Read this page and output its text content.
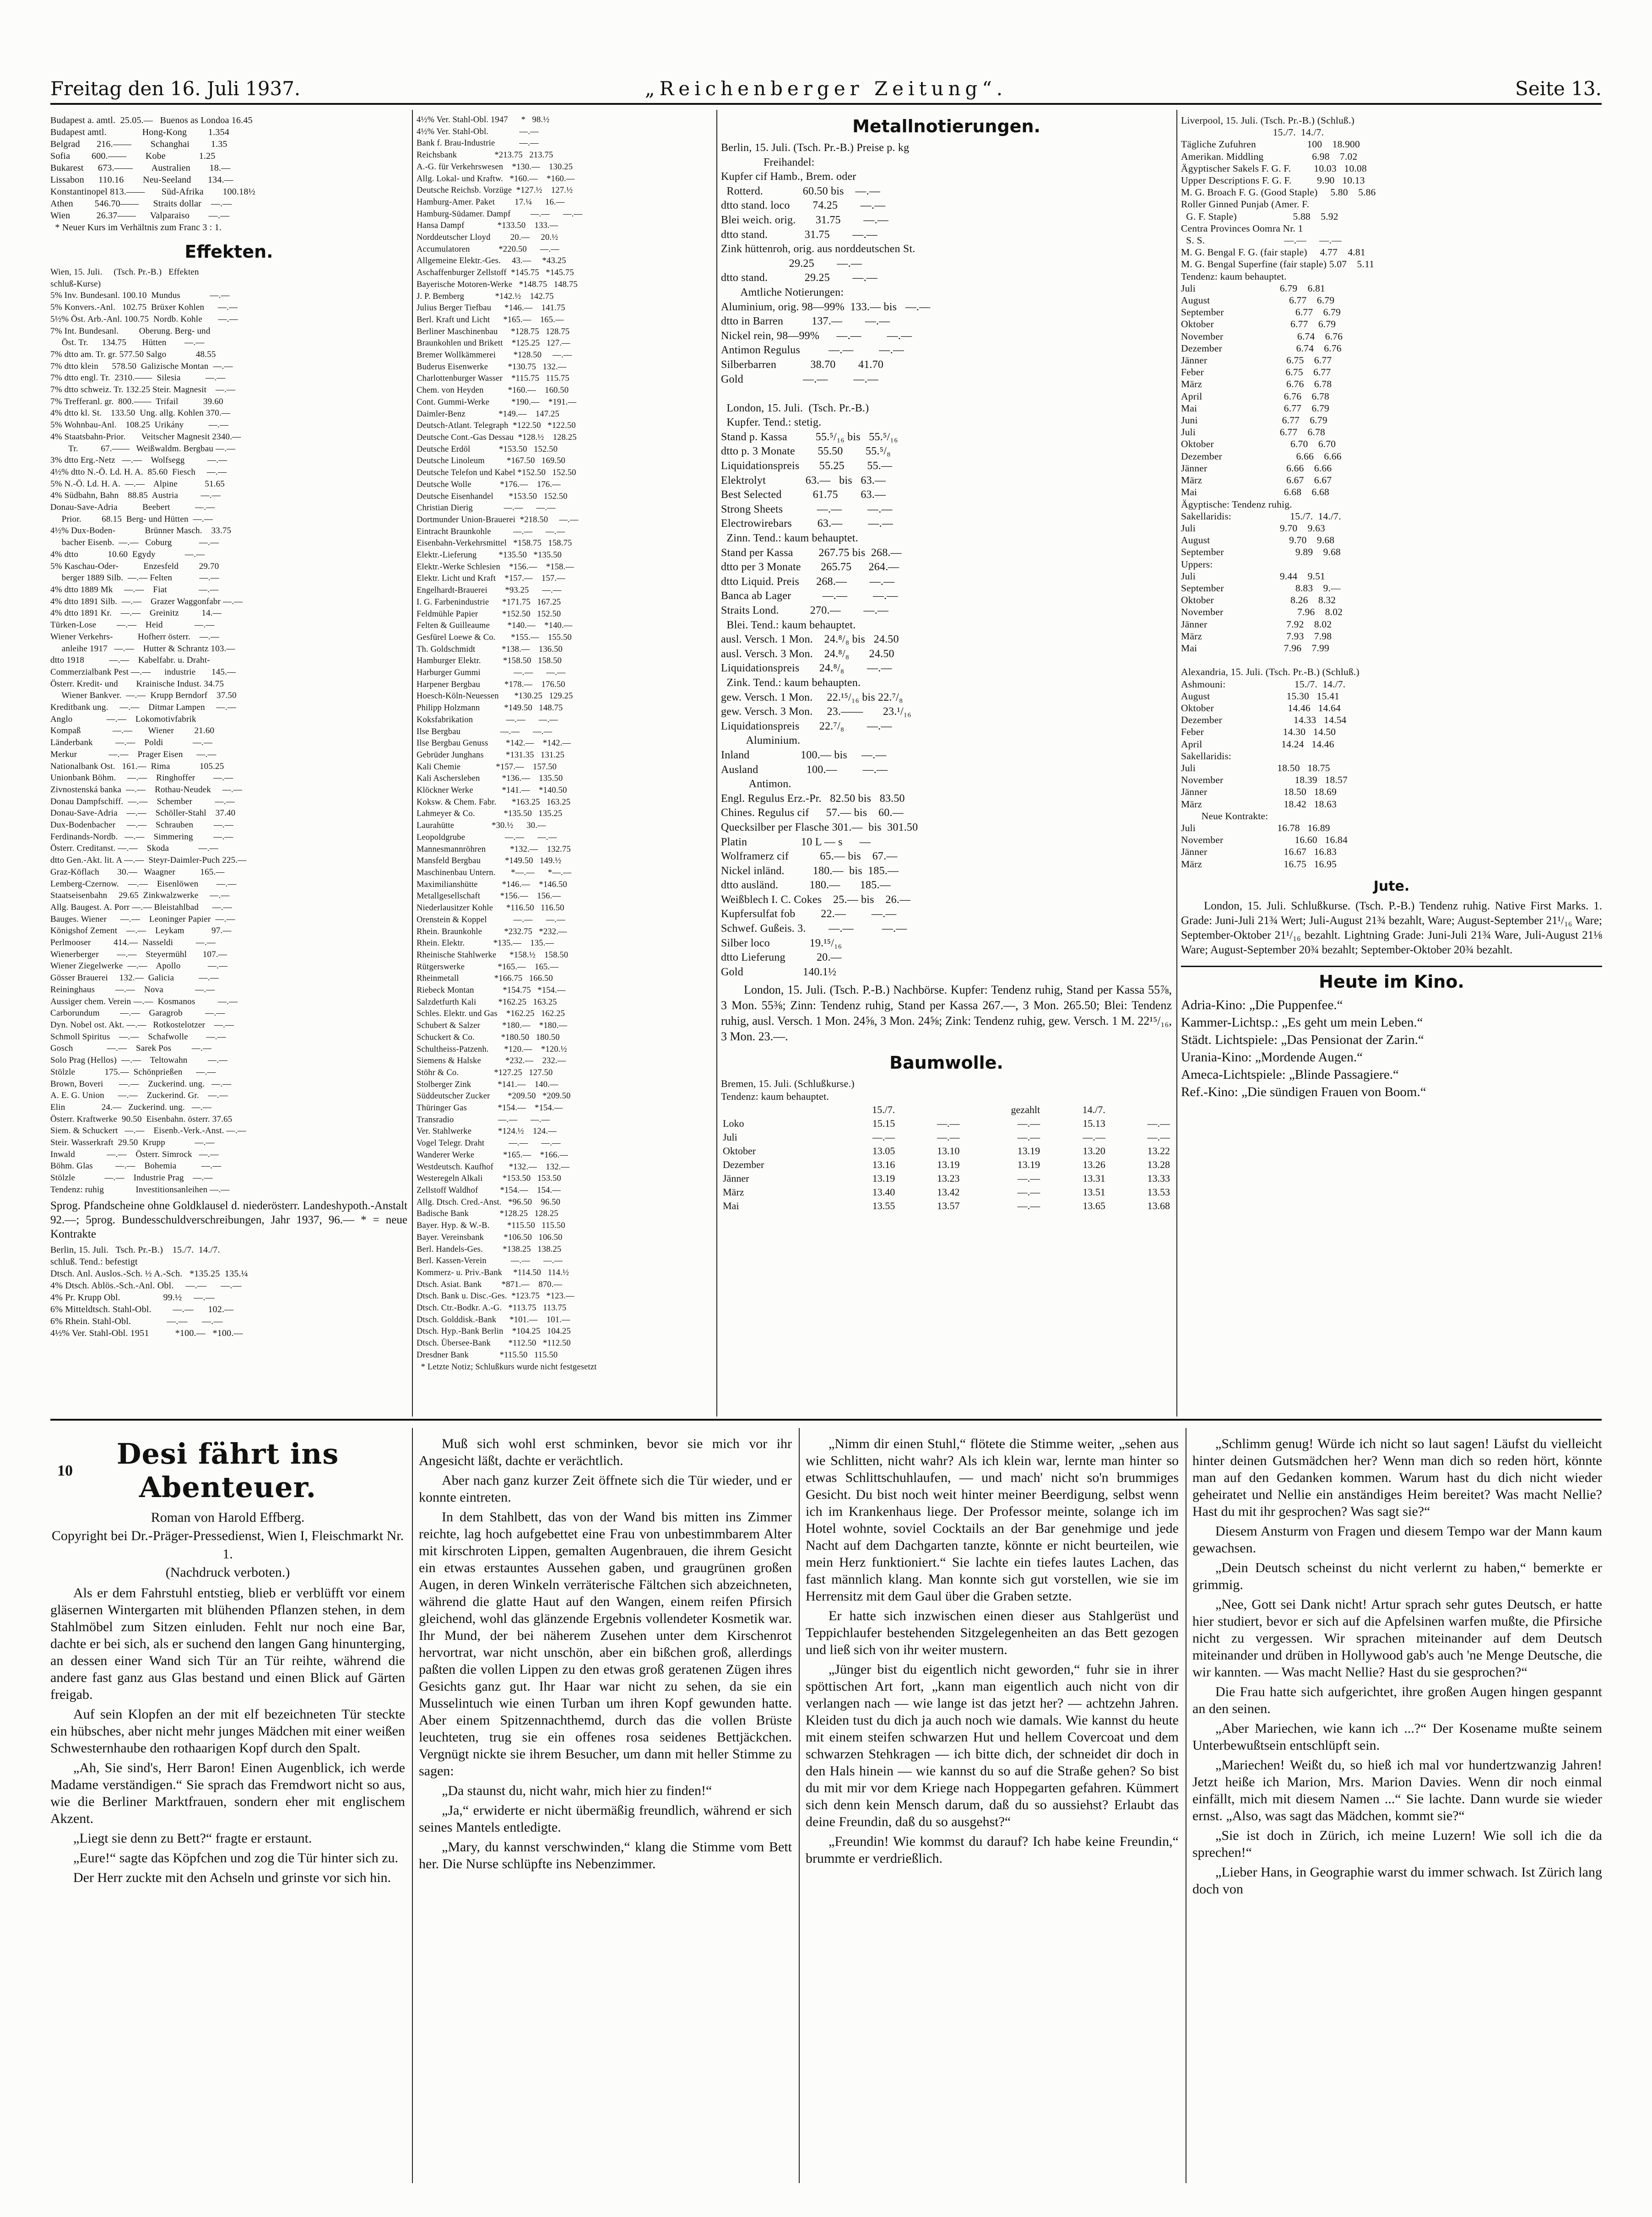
Freitag den 16. Juli 1937.	„Reichenberger Zeitung“.	Seite 13.
Budapest a. amtl.  25.05.—   Buenos as Londoa 16.45
Budapest amtl.               Hong-Kong         1.354
Belgrad       216.——        Schanghai         1.35
Sofia         600.——        Kobe              1.25
Bukarest      673.——        Australien        18.—
Lissabon      110.16        Neu-Seeland       134.—
Konstantinopel 813.——       Süd-Afrika        100.18½
Athen         546.70——      Straits dollar    —.—
Wien           26.37——      Valparaiso        —.—
* Neuer Kurs im Verhältnis zum Franc 3 : 1.
Effekten.
Wien, 15. Juli.     (Tsch. Pr.-B.)   Effekten
schluß-Kurse)
5% Inv. Bundesanl. 100.10  Mundus             —.—
5% Konvers.-Anl.   102.75  Brüxer Kohlen      —.—
5½% Öst. Arb.-Anl. 100.75  Nordb. Kohle       —.—
7% Int. Bundesanl.         Oberung. Berg- und
Öst. Tr.      134.75       Hütten        —.—
7% dtto am. Tr. gr. 577.50 Salgo             48.55
7% dtto klein      578.50  Galizische Montan  —.—
7% dtto engl. Tr.  2310.——  Silesia           —.—
7% dtto schweiz. Tr. 132.25 Steir. Magnesit    —.—
7% Trefferanl. gr.  800.——  Trifail           39.60
4% dtto kl. St.    133.50  Ung. allg. Kohlen 370.—
5% Wohnbau-Anl.    108.25  Urikány           —.—
4% Staatsbahn-Prior.       Veitscher Magnesit 2340.—
Tr.          67.——   Weißwaldm. Bergbau —.—
3% dtto Erg.-Netz   —.—    Wolfsegg          —.—
4½% dtto N.-Ö. Ld. H. A.  85.60  Fiesch     —.—
5% N.-Ö. Ld. H. A.  —.—    Alpine            51.65
4% Südbahn, Bahn    88.85  Austria          —.—
Donau-Save-Adria           Beebert           —.—
Prior.         68.15  Berg- und Hütten  —.—
4½% Dux-Boden-             Brünner Masch.    33.75
bacher Eisenb.  —.—   Coburg            —.—
4% dtto             10.60  Egydy             —.—
5% Kaschau-Oder-           Enzesfeld         29.70
berger 1889 Silb.  —.— Felten            —.—
4% dtto 1889 Mk     —.—    Fiat              —.—
4% dtto 1891 Silb.  —.—    Grazer Waggonfabr —.—
4% dtto 1891 Kr.    —.—    Greinitz          14.—
Türken-Lose         —.—    Heid              —.—
Wiener Verkehrs-           Hofherr österr.    —.—
anleihe 1917   —.—    Hutter & Schrantz 103.—
dtto 1918           —.—    Kabelfabr. u. Draht-
Commerzialbank Pest —.—      industrie       145.—
Österr. Kredit- und        Krainische Indust. 34.75
Wiener Bankver.  —.—  Krupp Berndorf    37.50
Kreditbank ung.     —.—    Ditmar Lampen     —.—
Anglo               —.—    Lokomotivfabrik
Kompaß              —.—       Wiener         21.60
Länderbank          —.—    Poldi             —.—
Merkur              —.—    Prager Eisen      —.—
Nationalbank Ost.   161.—  Rima             105.25
Unionbank Böhm.     —.—    Ringhoffer        —.—
Zivnostenská banka  —.—    Rothau-Neudek     —.—
Donau Dampfschiff.  —.—    Schember          —.—
Donau-Save-Adria    —.—    Schöller-Stahl    37.40
Dux-Bodenbacher     —.—    Schrauben         —.—
Ferdinands-Nordb.   —.—    Simmering         —.—
Österr. Creditanst. —.—    Skoda             —.—
dtto Gen.-Akt. lit. A —.—  Steyr-Daimler-Puch 225.—
Graz-Köflach        30.—   Waagner           165.—
Lemberg-Czernow.    —.—    Eisenlöwen        —.—
Staatseisenbahn     29.65  Zinkwalzwerke     —.—
Allg. Baugest. A. Porr —.— Bleistahlbad      —.—
Bauges. Wiener      —.—    Leoninger Papier  —.—
Königshof Zement    —.—    Leykam            97.—
Perlmooser          414.—  Nasseldi          —.—
Wienerberger        —.—    Steyermühl       107.—
Wiener Ziegelwerke  —.—    Apollo            —.—
Gösser Brauerei     132.—  Galicia           —.—
Reininghaus         —.—    Nova              —.—
Aussiger chem. Verein —.—  Kosmanos          —.—
Carborundum         —.—    Garagrob          —.—
Dyn. Nobel ost. Akt. —.—   Rotkostelotzer    —.—
Schmoll Spiritus    —.—    Schafwolle        —.—
Gosch               —.—    Sarek Pos         —.—
Solo Prag (Hellos)  —.—    Teltowahn         —.—
Stölzle             175.—  Schönprießen      —.—
Brown, Boveri       —.—    Zuckerind. ung.   —.—
A. E. G. Union      —.—    Zuckerind. Gr.    —.—
Elin                24.—   Zuckerind. ung.   —.—
Österr. Kraftwerke  90.50  Eisenbahn. österr. 37.65
Siem. & Schuckert   —.—    Eisenb.-Verk.-Anst. —.—
Steir. Wasserkraft  29.50  Krupp             —.—
Inwald              —.—    Österr. Simrock   —.—
Böhm. Glas          —.—    Bohemia           —.—
Stölzle             —.—    Industrie Prag    —.—
Tendenz: ruhig              Investitionsanleihen —.—
Sprog. Pfandscheine ohne Goldklausel d. niederösterr. Landeshypoth.-Anstalt 92.—; 5prog. Bundesschuldverschreibungen, Jahr 1937, 96.— * = neue Kontrakte
Berlin, 15. Juli.   Tsch. Pr.-B.)    15./7.  14./7.
schluß. Tend.: befestigt
Dtsch. Anl. Auslos.-Sch. ½ A.-Sch.   *135.25  135.¼
4% Dtsch. Ablös.-Sch.-Anl. Obl.     —.—      —.—
4% Pr. Krupp Obl.                  99.½     —.—
6% Mitteldtsch. Stahl-Obl.         —.—      102.—
6% Rhein. Stahl-Obl.               —.—      —.—
4½% Ver. Stahl-Obl. 1951           *100.—   *100.—
4½% Ver. Stahl-Obl. 1947      *   98.½
4½% Ver. Stahl-Obl.              —.—
Bank f. Brau-Industrie           —.—
Reichsbank                 *213.75   213.75
A.-G. für Verkehrswesen    *130.—    130.25
Allg. Lokal- und Kraftw.   *160.—    *160.—
Deutsche Reichsb. Vorzüge  *127.½    127.½
Hamburg-Amer. Paket         17.¼      16.—
Hamburg-Südamer. Dampf         —.—      —.—
Hansa Dampf               *133.50    133.—
Norddeutscher Lloyd         20.—     20.½
Accumulatoren             *220.50      —.—
Allgemeine Elektr.-Ges.     43.—     *43.25
Aschaffenburger Zellstoff  *145.75   *145.75
Bayerische Motoren-Werke   *148.75   148.75
J. P. Bemberg              *142.½    142.75
Julius Berger Tiefbau      *146.—    141.75
Berl. Kraft und Licht      *165.—    165.—
Berliner Maschinenbau      *128.75   128.75
Braunkohlen und Brikett    *125.25   127.—
Bremer Wollkämmerei        *128.50     —.—
Buderus Eisenwerke         *130.75   132.—
Charlottenburger Wasser    *115.75   115.75
Chem. von Heyden           *160.—    160.50
Cont. Gummi-Werke          *190.—    *191.—
Daimler-Benz               *149.—    147.25
Deutsch-Atlant. Telegraph  *122.50   *122.50
Deutsche Cont.-Gas Dessau  *128.½    128.25
Deutsche Erdöl             *153.50   152.50
Deutsche Linoleum          *167.50   169.50
Deutsche Telefon und Kabel *152.50   152.50
Deutsche Wolle             *176.—    176.—
Deutsche Eisenhandel       *153.50   152.50
Christian Dierig              —.—      —.—
Dortmunder Union-Brauerei  *218.50     —.—
Eintracht Braunkohle          —.—      —.—
Eisenbahn-Verkehrsmittel   *158.75   158.75
Elektr.-Lieferung          *135.50   *135.50
Elektr.-Werke Schlesien    *156.—    *158.—
Elektr. Licht und Kraft    *157.—    157.—
Engelhardt-Brauerei        *93.25      —.—
I. G. Farbenindustrie      *171.75   167.25
Feldmühle Papier           *152.50   152.50
Felten & Guilleaume        *140.—    *140.—
Gesfürel Loewe & Co.       *155.—    155.50
Th. Goldschmidt            *138.—    136.50
Hamburger Elektr.          *158.50   158.50
Harburger Gummi               —.—      —.—
Harpener Bergbau           *178.—    176.50
Hoesch-Köln-Neuessen       *130.25   129.25
Philipp Holzmann           *149.50   148.75
Koksfabrikation               —.—      —.—
Ilse Bergbau                  —.—      —.—
Ilse Bergbau Genuss        *142.—    *142.—
Gebrüder Junghans          *131.35   131.25
Kali Chemie                *157.—    157.50
Kali Aschersleben          *136.—    135.50
Klöckner Werke             *141.—    *140.50
Koksw. & Chem. Fabr.       *163.25   163.25
Lahmeyer & Co.             *135.50   135.25
Laurahütte                 *30.½      30.—
Leopoldgrube                  —.—      —.—
Mannesmannröhren           *132.—    132.75
Mansfeld Bergbau           *149.50   149.½
Maschinenbau Untern.       *—.—      *—.—
Maximilianshütte           *146.—    *146.50
Metallgesellschaft         *156.—    156.—
Niederlausitzer Kohle      *116.50   116.50
Orenstein & Koppel            —.—      —.—
Rhein. Braunkohle          *232.75   *232.—
Rhein. Elektr.             *135.—    135.—
Rheinische Stahlwerke      *158.½    158.50
Rütgerswerke               *165.—    165.—
Rheinmetall                *166.75   166.50
Riebeck Montan             *154.75   *154.—
Salzdetfurth Kali          *162.25   163.25
Schles. Elektr. und Gas    *162.25   162.25
Schubert & Salzer          *180.—    *180.—
Schuckert & Co.            *180.50   180.50
Schultheiss-Patzenh.       *120.—    *120.½
Siemens & Halske           *232.—    232.—
Stöhr & Co.                *127.25   127.50
Stolberger Zink            *141.—    140.—
Süddeutscher Zucker        *209.50   *209.50
Thüringer Gas              *154.—    *154.—
Transradio                    —.—      —.—
Ver. Stahlwerke            *124.½    124.—
Vogel Telegr. Draht           —.—      —.—
Wanderer Werke             *165.—    *166.—
Westdeutsch. Kaufhof       *132.—    132.—
Westeregeln Alkali         *153.50   153.50
Zellstoff Waldhof          *154.—    154.—
Allg. Dtsch. Cred.-Anst.   *96.50    96.50
Badische Bank              *128.25   128.25
Bayer. Hyp. & W.-B.        *115.50   115.50
Bayer. Vereinsbank         *106.50   106.50
Berl. Handels-Ges.         *138.25   138.25
Berl. Kassen-Verein           —.—      —.—
Kommerz- u. Priv.-Bank     *114.50   114.½
Dtsch. Asiat. Bank         *871.—    870.—
Dtsch. Bank u. Disc.-Ges.  *123.75   *123.—
Dtsch. Ctr.-Bodkr. A.-G.   *113.75   113.75
Dtsch. Golddisk.-Bank      *101.—    101.—
Dtsch. Hyp.-Bank Berlin    *104.25   104.25
Dtsch. Übersee-Bank        *112.50   *112.50
Dresdner Bank              *115.50   115.50
* Letzte Notiz; Schlußkurs wurde nicht festgesetzt
Metallnotierungen.
Berlin, 15. Juli. (Tsch. Pr.-B.) Preise p. kg
Freihandel:
Kupfer cif Hamb., Brem. oder
Rotterd.              60.50 bis    —.—
dtto stand. loco        74.25        —.—
Blei weich. orig.       31.75        —.—
dtto stand.             31.75        —.—
Zink hüttenroh, orig. aus norddeutschen St.
29.25        —.—
dtto stand.             29.25        —.—
Amtliche Notierungen:
Aluminium, orig. 98—99%  133.— bis   —.—
dtto in Barren          137.—        —.—
Nickel rein, 98—99%      —.—         —.—
Antimon Regulus          —.—         —.—
Silberbarren            38.70        41.70
Gold                     —.—         —.—

London, 15. Juli.  (Tsch. Pr.-B.)
Kupfer. Tend.: stetig.
Stand p. Kassa          55.⁵/₁₆ bis   55.⁵/₁₆
dtto p. 3 Monate        55.50        55.⁵/₈
Liquidationspreis       55.25        55.—
Elektrolyt              63.—   bis   63.—
Best Selected           61.75        63.—
Strong Sheets            —.—         —.—
Electrowirebars         63.—         —.—
Zinn. Tend.: kaum behauptet.
Stand per Kassa         267.75 bis  268.—
dtto per 3 Monate       265.75      264.—
dtto Liquid. Preis      268.—        —.—
Banca ab Lager           —.—         —.—
Straits Lond.           270.—        —.—
Blei. Tend.: kaum behauptet.
ausl. Versch. 1 Mon.    24.⁸/₈ bis   24.50
ausl. Versch. 3 Mon.    24.⁸/₈       24.50
Liquidationspreis       24.⁸/₈        —.—
Zink. Tend.: kaum behaupten.
gew. Versch. 1 Mon.     22.¹⁵/₁₆ bis 22.⁷/₈
gew. Versch. 3 Mon.     23.——       23.¹/₁₆
Liquidationspreis       22.⁷/₈        —.—
Aluminium.
Inland                  100.— bis     —.—
Ausland                 100.—         —.—
Antimon.
Engl. Regulus Erz.-Pr.   82.50 bis   83.50
Chines. Regulus cif      57.— bis    60.—
Quecksilber per Flasche 301.—  bis  301.50
Platin                   10 L — s      —
Wolframerz cif           65.— bis    67.—
Nickel inländ.          180.—  bis  185.—
dtto ausländ.           180.—       185.—
Weißblech I. C. Cokes    25.— bis    26.—
Kupfersulfat fob         22.—         —.—
Schwef. Gußeis. 3.        —.—          —.—
Silber loco              19.¹⁵/₁₆
dtto Lieferung           20.—
Gold                     140.1½
London, 15. Juli. (Tsch. P.-B.) Nachbörse. Kupfer: Tendenz ruhig, Stand per Kassa 55⅞, 3 Mon. 55⅜; Zinn: Tendenz ruhig, Stand per Kassa 267.—, 3 Mon. 265.50; Blei: Tendenz ruhig, ausl. Versch. 1 Mon. 24⅝, 3 Mon. 24⅝; Zink: Tendenz ruhig, gew. Versch. 1 M. 22¹⁵/₁₆, 3 Mon. 23.—.
Baumwolle.
Bremen, 15. Juli. (Schlußkurse.)
Tendenz: kaum behauptet.
	15./7.		gezahlt	14./7.	
Loko	15.15	—.—	—.—	15.13	—.—
Juli	—.—	—.—	—.—	—.—	—.—
Oktober	13.05	13.10	13.19	13.20	13.22
Dezember	13.16	13.19	13.19	13.26	13.28
Jänner	13.19	13.23	—.—	13.31	13.33
März	13.40	13.42	—.—	13.51	13.53
Mai	13.55	13.57	—.—	13.65	13.68
Liverpool, 15. Juli. (Tsch. Pr.-B.) (Schluß.)
15./7.  14./7.
Tägliche Zufuhren                    100    18.900
Amerikan. Middling                   6.98    7.02
Ägyptischer Sakels F. G. F.         10.03   10.08
Upper Descriptions F. G. F.          9.90   10.13
M. G. Broach F. G. (Good Staple)     5.80    5.86
Roller Ginned Punjab (Amer. F.
G. F. Staple)                      5.88    5.92
Centra Provinces Oomra Nr. 1
S. S.                               —.—     —.—
M. G. Bengal F. G. (fair staple)     4.77    4.81
M. G. Bengal Superfine (fair staple) 5.07    5.11
Tendenz: kaum behauptet.
Juli                                 6.79    6.81
August                               6.77    6.79
September                            6.77    6.79
Oktober                              6.77    6.79
November                             6.74    6.76
Dezember                             6.74    6.76
Jänner                               6.75    6.77
Feber                                6.75    6.77
März                                 6.76    6.78
April                                6.76    6.78
Mai                                  6.77    6.79
Juni                                 6.77    6.79
Juli                                 6.77    6.78
Oktober                              6.70    6.70
Dezember                             6.66    6.66
Jänner                               6.66    6.66
März                                 6.67    6.67
Mai                                  6.68    6.68
Ägyptische: Tendenz ruhig.
Sakellaridis:                       15./7.  14./7.
Juli                                 9.70    9.63
August                               9.70    9.68
September                            9.89    9.68
Uppers:
Juli                                 9.44    9.51
September                            8.83    9.—
Oktober                              8.26    8.32
November                             7.96    8.02
Jänner                               7.92    8.02
März                                 7.93    7.98
Mai                                  7.96    7.99

Alexandria, 15. Juli. (Tsch. Pr.-B.) (Schluß.)
Ashmouni:                           15./7.  14./7.
August                              15.30   15.41
Oktober                             14.46   14.64
Dezember                            14.33   14.54
Feber                               14.30   14.50
April                               14.24   14.46
Sakellaridis:
Juli                                18.50   18.75
November                            18.39   18.57
Jänner                              18.50   18.69
März                                18.42   18.63
Neue Kontrakte:
Juli                                16.78   16.89
November                            16.60   16.84
Jänner                              16.67   16.83
März                                16.75   16.95
Jute.
London, 15. Juli. Schlußkurse. (Tsch. P.-B.) Tendenz ruhig. Native First Marks. 1. Grade: Juni-Juli 21¾ Wert; Juli-August 21¾ bezahlt, Ware; August-September 21¹/₁₆ Ware; September-Oktober 21¹/₁₆ bezahlt. Lightning Grade: Juni-Juli 21¾ Ware, Juli-August 21⅛ Ware; August-September 20¾ bezahlt; September-Oktober 20¾ bezahlt.
Heute im Kino.
Adria-Kino: „Die Puppenfee.“
Kammer-Lichtsp.: „Es geht um mein Leben.“
Städt. Lichtspiele: „Das Pensionat der Zarin.“
Urania-Kino: „Mordende Augen.“
Ameca-Lichtspiele: „Blinde Passagiere.“
Ref.-Kino: „Die sündigen Frauen von Boom.“
10
Desi fährt ins Abenteuer.
Roman von Harold Effberg.
Copyright bei Dr.-Präger-Pressedienst, Wien I, Fleischmarkt Nr. 1.
(Nachdruck verboten.)
Als er dem Fahrstuhl entstieg, blieb er verblüfft vor einem gläsernen Wintergarten mit blühenden Pflanzen stehen, in dem Stahlmöbel zum Sitzen einluden. Fehlt nur noch eine Bar, dachte er bei sich, als er suchend den langen Gang hinunterging, an dessen einer Wand sich Tür an Tür reihte, während die andere fast ganz aus Glas bestand und einen Blick auf Gärten freigab.
Auf sein Klopfen an der mit elf bezeichneten Tür steckte ein hübsches, aber nicht mehr junges Mädchen mit einer weißen Schwesternhaube den rothaarigen Kopf durch den Spalt.
„Ah, Sie sind's, Herr Baron! Einen Augenblick, ich werde Madame verständigen.“ Sie sprach das Fremdwort nicht so aus, wie die Berliner Marktfrauen, sondern eher mit englischem Akzent.
„Liegt sie denn zu Bett?“ fragte er erstaunt.
„Eure!“ sagte das Köpfchen und zog die Tür hinter sich zu.
Der Herr zuckte mit den Achseln und grinste vor sich hin.
Muß sich wohl erst schminken, bevor sie mich vor ihr Angesicht läßt, dachte er verächtlich.
Aber nach ganz kurzer Zeit öffnete sich die Tür wieder, und er konnte eintreten.
In dem Stahlbett, das von der Wand bis mitten ins Zimmer reichte, lag hoch aufgebettet eine Frau von unbestimmbarem Alter mit kirschroten Lippen, gemalten Augenbrauen, die ihrem Gesicht ein etwas erstauntes Aussehen gaben, und graugrünen großen Augen, in deren Winkeln verräterische Fältchen sich abzeichneten, während die glatte Haut auf den Wangen, einem reifen Pfirsich gleichend, wohl das glänzende Ergebnis vollendeter Kosmetik war. Ihr Mund, der bei näherem Zusehen unter dem Kirschenrot hervortrat, war nicht unschön, aber ein bißchen groß, allerdings paßten die vollen Lippen zu den etwas groß geratenen Zügen ihres Gesichts ganz gut. Ihr Haar war nicht zu sehen, da sie ein Musselintuch wie einen Turban um ihren Kopf gewunden hatte. Aber einem Spitzennachthemd, durch das die vollen Brüste leuchteten, trug sie ein offenes rosa seidenes Bettjäckchen. Vergnügt nickte sie ihrem Besucher, um dann mit heller Stimme zu sagen:
„Da staunst du, nicht wahr, mich hier zu finden!“
„Ja,“ erwiderte er nicht übermäßig freundlich, während er sich seines Mantels entledigte.
„Mary, du kannst verschwinden,“ klang die Stimme vom Bett her. Die Nurse schlüpfte ins Nebenzimmer.
„Nimm dir einen Stuhl,“ flötete die Stimme weiter, „sehen aus wie Schlitten, nicht wahr? Als ich klein war, lernte man hinter so etwas Schlittschuhlaufen, — und mach' nicht so'n brummiges Gesicht. Du bist noch weit hinter meiner Beerdigung, selbst wenn ich im Krankenhaus liege. Der Professor meinte, solange ich im Hotel wohnte, soviel Cocktails an der Bar genehmige und jede Nacht auf dem Dachgarten tanzte, könnte er nicht beurteilen, wie mein Herz funktioniert.“ Sie lachte ein tiefes lautes Lachen, das fast männlich klang. Man konnte sich gut vorstellen, wie sie im Herrensitz mit dem Gaul über die Graben setzte.
Er hatte sich inzwischen einen dieser aus Stahlgerüst und Teppichlaufer bestehenden Sitzgelegenheiten an das Bett gezogen und ließ sich von ihr weiter mustern.
„Jünger bist du eigentlich nicht geworden,“ fuhr sie in ihrer spöttischen Art fort, „kann man eigentlich auch nicht von dir verlangen nach — wie lange ist das jetzt her? — achtzehn Jahren. Kleiden tust du dich ja auch noch wie damals. Wie kannst du heute mit einem steifen schwarzen Hut und hellem Covercoat und dem schwarzen Stehkragen — ich bitte dich, der schneidet dir doch in den Hals hinein — wie kannst du so auf die Straße gehen? So bist du mit mir vor dem Kriege nach Hoppegarten gefahren. Kümmert sich denn kein Mensch darum, daß du so aussiehst? Erlaubt das deine Freundin, daß du so ausgehst?“
„Freundin! Wie kommst du darauf? Ich habe keine Freundin,“ brummte er verdrießlich.
„Schlimm genug! Würde ich nicht so laut sagen! Läufst du vielleicht hinter deinen Gutsmädchen her? Wenn man dich so reden hört, könnte man auf den Gedanken kommen. Warum hast du dich nicht wieder geheiratet und Nellie ein anständiges Heim bereitet? Was macht Nellie? Hast du mit ihr gesprochen? Was sagt sie?“
Diesem Ansturm von Fragen und diesem Tempo war der Mann kaum gewachsen.
„Dein Deutsch scheinst du nicht verlernt zu haben,“ bemerkte er grimmig.
„Nee, Gott sei Dank nicht! Artur sprach sehr gutes Deutsch, er hatte hier studiert, bevor er sich auf die Apfelsinen warfen mußte, die Pfirsiche nicht zu vergessen. Wir sprachen miteinander auf dem Deutsch miteinander und drüben in Hollywood gab's auch 'ne Menge Deutsche, die wir kannten. — Was macht Nellie? Hast du sie gesprochen?“
Die Frau hatte sich aufgerichtet, ihre großen Augen hingen gespannt an den seinen.
„Aber Mariechen, wie kann ich ...?“ Der Kosename mußte seinem Unterbewußtsein entschlüpft sein.
„Mariechen! Weißt du, so hieß ich mal vor hundertzwanzig Jahren! Jetzt heiße ich Marion, Mrs. Marion Davies. Wenn dir noch einmal einfällt, mich mit diesem Namen ...“ Sie lachte. Dann wurde sie wieder ernst. „Also, was sagt das Mädchen, kommt sie?“
„Sie ist doch in Zürich, ich meine Luzern! Wie soll ich die da sprechen!“
„Lieber Hans, in Geographie warst du immer schwach. Ist Zürich lang doch von
